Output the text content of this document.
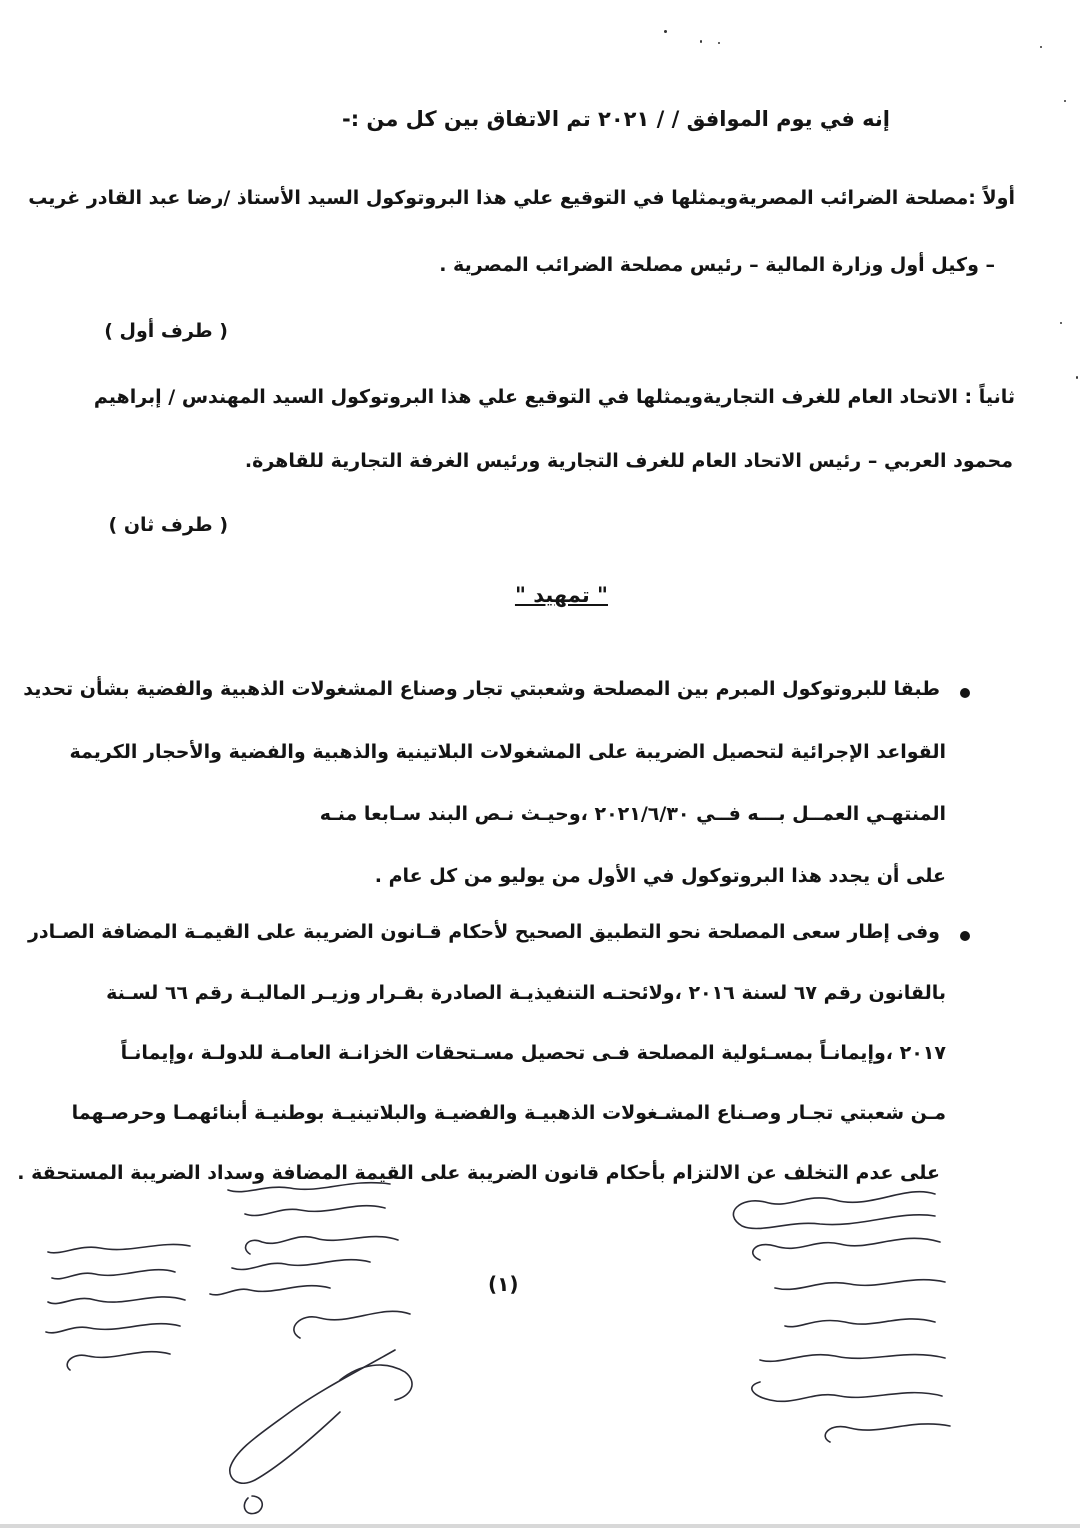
إنه في يوم الموافق / / ٢٠٢١ تم الاتفاق بين كل من :-
أولاً :مصلحة الضرائب المصريةويمثلها في التوقيع علي هذا البروتوكول السيد الأستاذ /رضا عبد القادر غريب
– وكيل أول وزارة المالية – رئيس مصلحة الضرائب المصرية .
( طرف أول )
ثانياً : الاتحاد العام للغرف التجاريةويمثلها في التوقيع علي هذا البروتوكول السيد المهندس / إبراهيم
محمود العربي – رئيس الاتحاد العام للغرف التجارية ورئيس الغرفة التجارية للقاهرة.
( طرف ثان )
" تمهيد "
طبقا للبروتوكول المبرم بين المصلحة وشعبتي تجار وصناع المشغولات الذهبية والفضية بشأن تحديد
القواعد الإجرائية لتحصيل الضريبة على المشغولات البلاتينية والذهبية والفضية والأحجار الكريمة
المنتهـي العمــل بـــه فــي ٢٠٢١/٦/٣٠ ،وحيـث نـص البند سـابعا منـه
على أن يجدد هذا البروتوكول في الأول من يوليو من كل عام .
وفى إطار سعى المصلحة نحو التطبيق الصحيح لأحكام قـانون الضريبة على القيمـة المضافة الصـادر
بالقانون رقم ٦٧ لسنة ٢٠١٦ ،ولائحتـه التنفيذيـة الصادرة بقـرار وزيـر الماليـة رقم ٦٦ لسـنة
٢٠١٧ ،وإيمانـاً بمسـئولية المصلحة فـى تحصيل مسـتحقات الخزانـة العامـة للدولـة ،وإيمانـاً
مـن شعبتي تجـار وصـناع المشـغولات الذهبيـة والفضيـة والبلاتينيـة بوطنيـة أبنائهمـا وحرصـهما
على عدم التخلف عن الالتزام بأحكام قانون الضريبة على القيمة المضافة وسداد الضريبة المستحقة .
(١)
